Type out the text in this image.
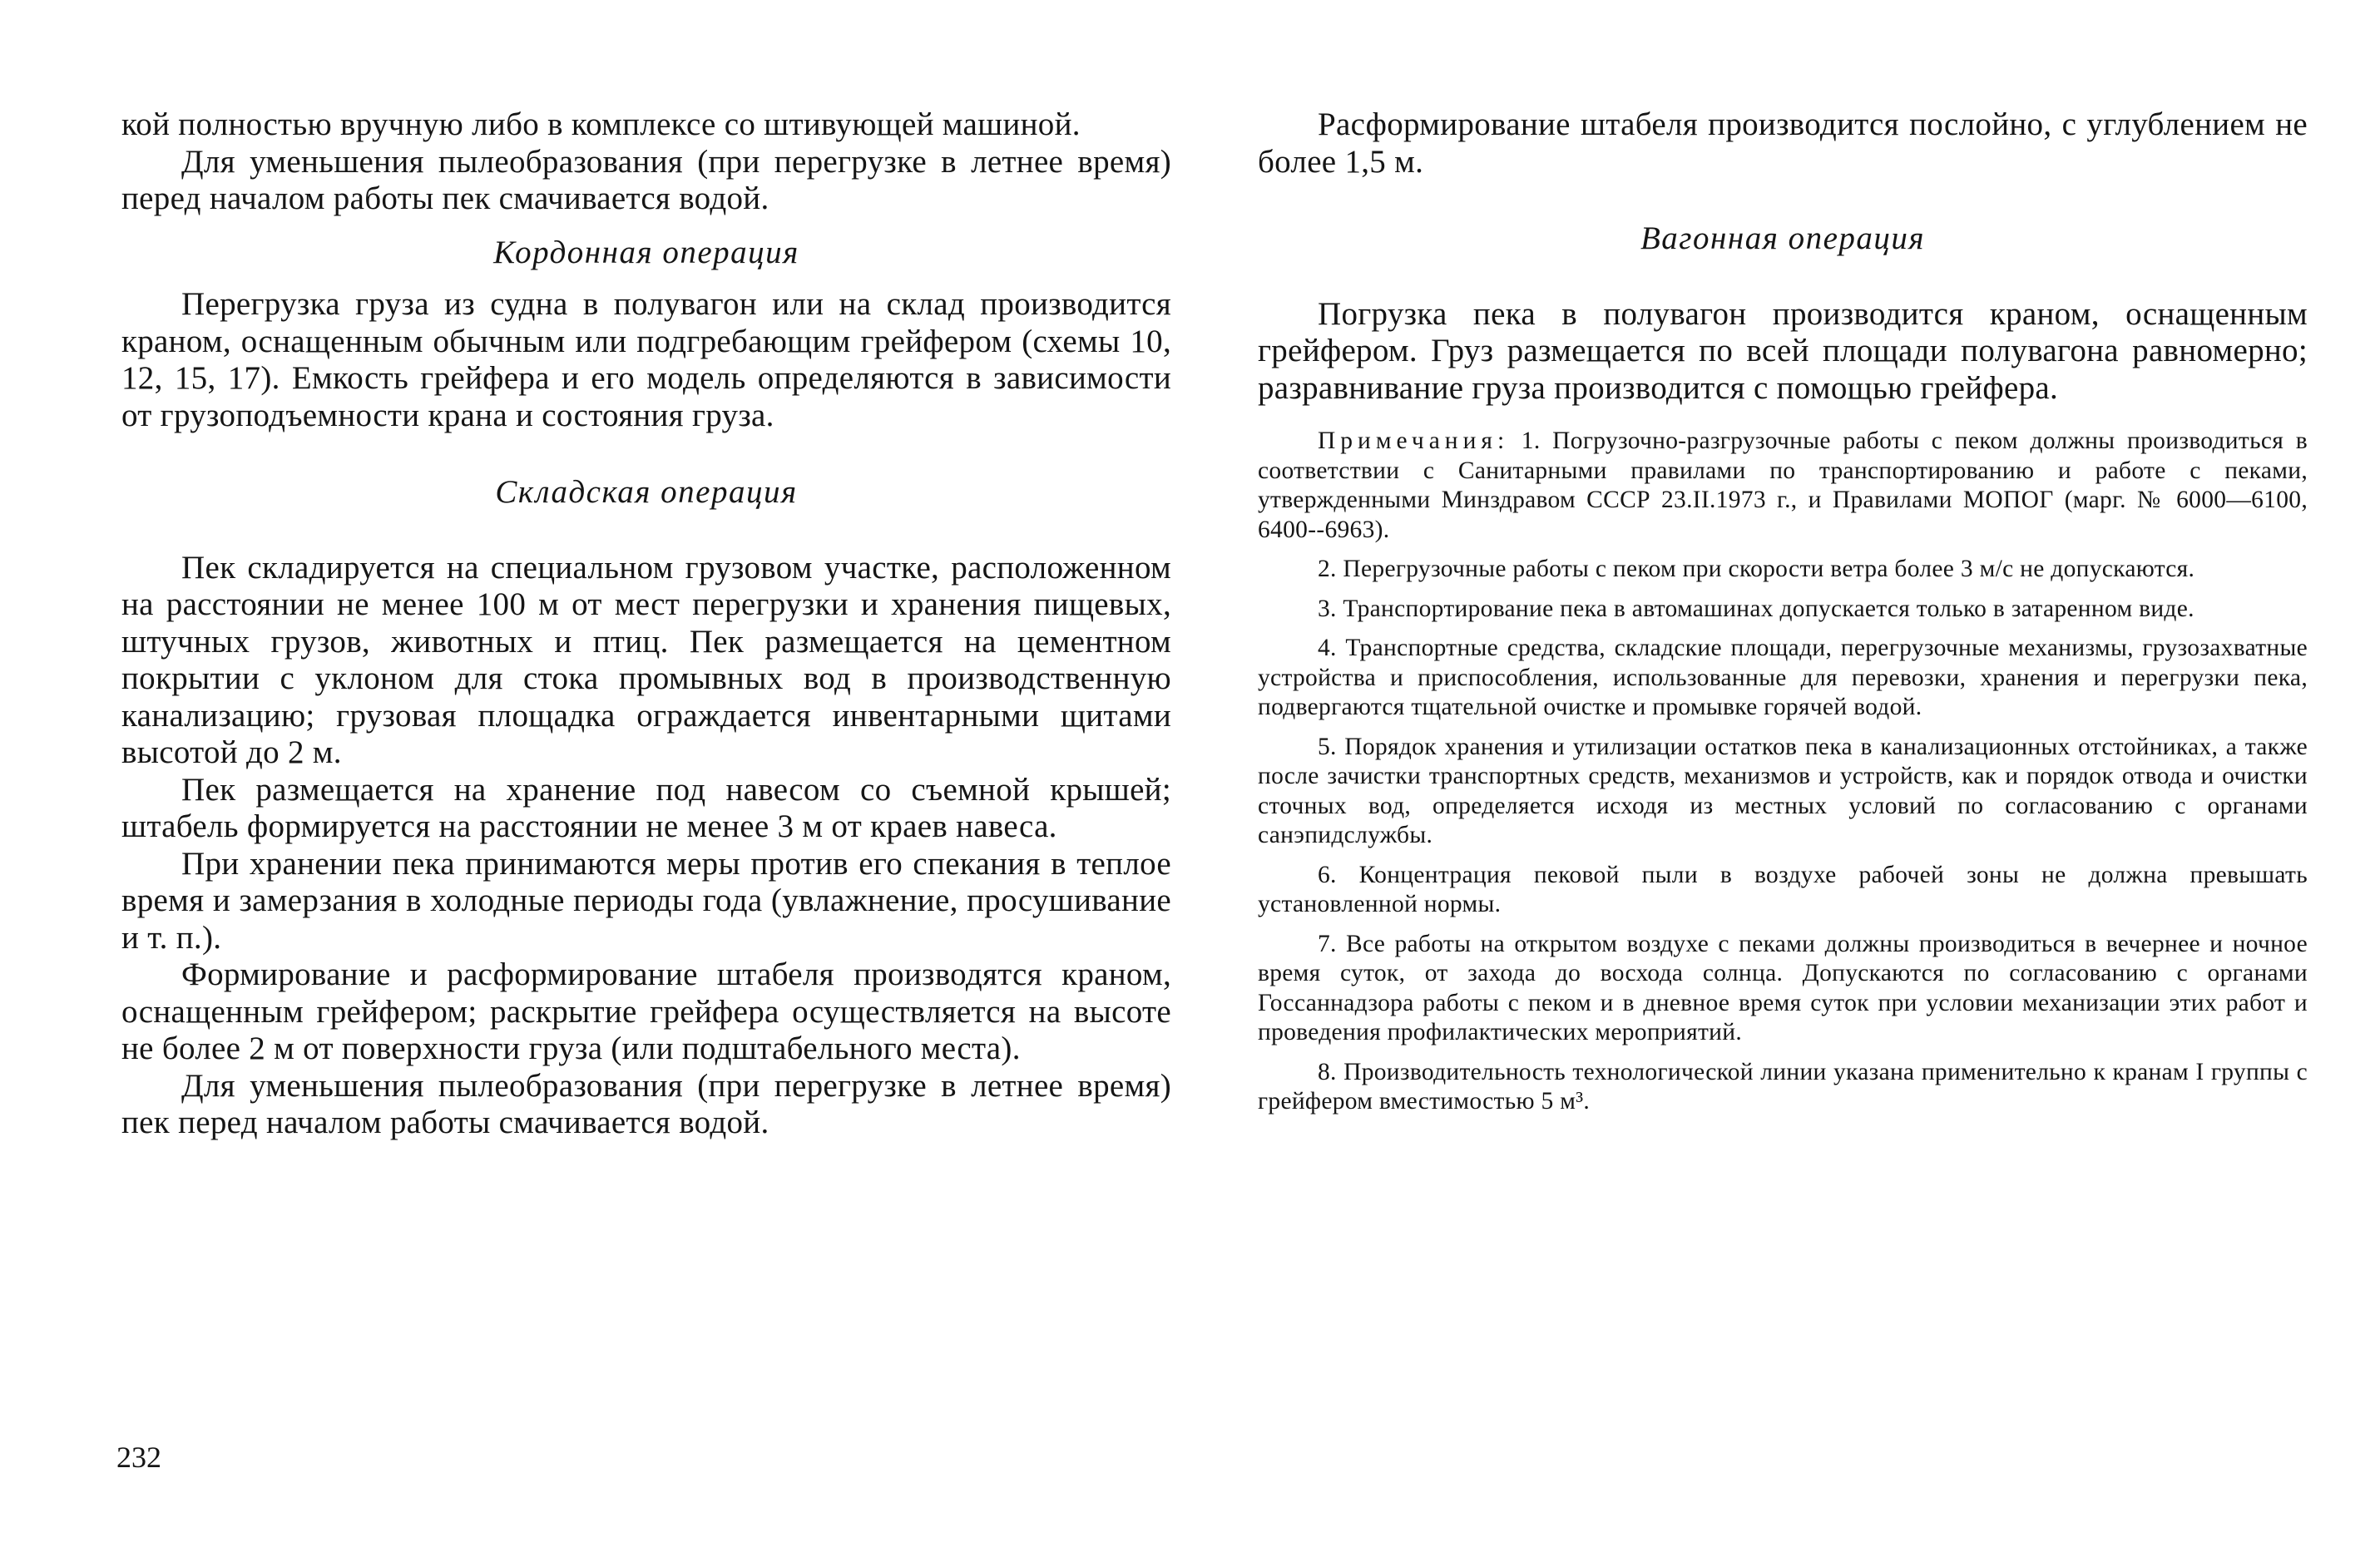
кой полностью вручную либо в комплексе со штивующей машиной.

Для уменьшения пылеобразования (при перегрузке в летнее время) перед началом работы пек смачивается водой.

Кордонная операция

Перегрузка груза из судна в полувагон или на склад производится краном, оснащенным обычным или подгребающим грейфером (схемы 10, 12, 15, 17). Емкость грейфера и его модель определяются в зависимости от грузоподъемности крана и состояния груза.

Складская операция

Пек складируется на специальном грузовом участке, расположенном на расстоянии не менее 100 м от мест перегрузки и хранения пищевых, штучных грузов, животных и птиц. Пек размещается на цементном покрытии с уклоном для стока промывных вод в производственную канализацию; грузовая площадка ограждается инвентарными щитами высотой до 2 м.

Пек размещается на хранение под навесом со съемной крышей; штабель формируется на расстоянии не менее 3 м от краев навеса.

При хранении пека принимаются меры против его спекания в теплое время и замерзания в холодные периоды года (увлажнение, просушивание и т. п.).

Формирование и расформирование штабеля производятся краном, оснащенным грейфером; раскрытие грейфера осуществляется на высоте не более 2 м от поверхности груза (или подштабельного места).

Для уменьшения пылеобразования (при перегрузке в летнее время) пек перед началом работы смачивается водой.

Расформирование штабеля производится послойно, с углублением не более 1,5 м.

Вагонная операция

Погрузка пека в полувагон производится краном, оснащенным грейфером. Груз размещается по всей площади полувагона равномерно; разравнивание груза производится с помощью грейфера.

Примечания: 1. Погрузочно-разгрузочные работы с пеком должны производиться в соответствии с Санитарными правилами по транспортированию и работе с пеками, утвержденными Минздравом СССР 23.II.1973 г., и Правилами МОПОГ (марг. № 6000—6100, 6400--6963).

2. Перегрузочные работы с пеком при скорости ветра более 3 м/с не допускаются.

3. Транспортирование пека в автомашинах допускается только в затаренном виде.

4. Транспортные средства, складские площади, перегрузочные механизмы, грузозахватные устройства и приспособления, использованные для перевозки, хранения и перегрузки пека, подвергаются тщательной очистке и промывке горячей водой.

5. Порядок хранения и утилизации остатков пека в канализационных отстойниках, а также после зачистки транспортных средств, механизмов и устройств, как и порядок отвода и очистки сточных вод, определяется исходя из местных условий по согласованию с органами санэпидслужбы.

6. Концентрация пековой пыли в воздухе рабочей зоны не должна превышать установленной нормы.

7. Все работы на открытом воздухе с пеками должны производиться в вечернее и ночное время суток, от захода до восхода солнца. Допускаются по согласованию с органами Госсаннадзора работы с пеком и в дневное время суток при условии механизации этих работ и проведения профилактических мероприятий.

8. Производительность технологической линии указана применительно к кранам I группы с грейфером вместимостью 5 м³.

232
